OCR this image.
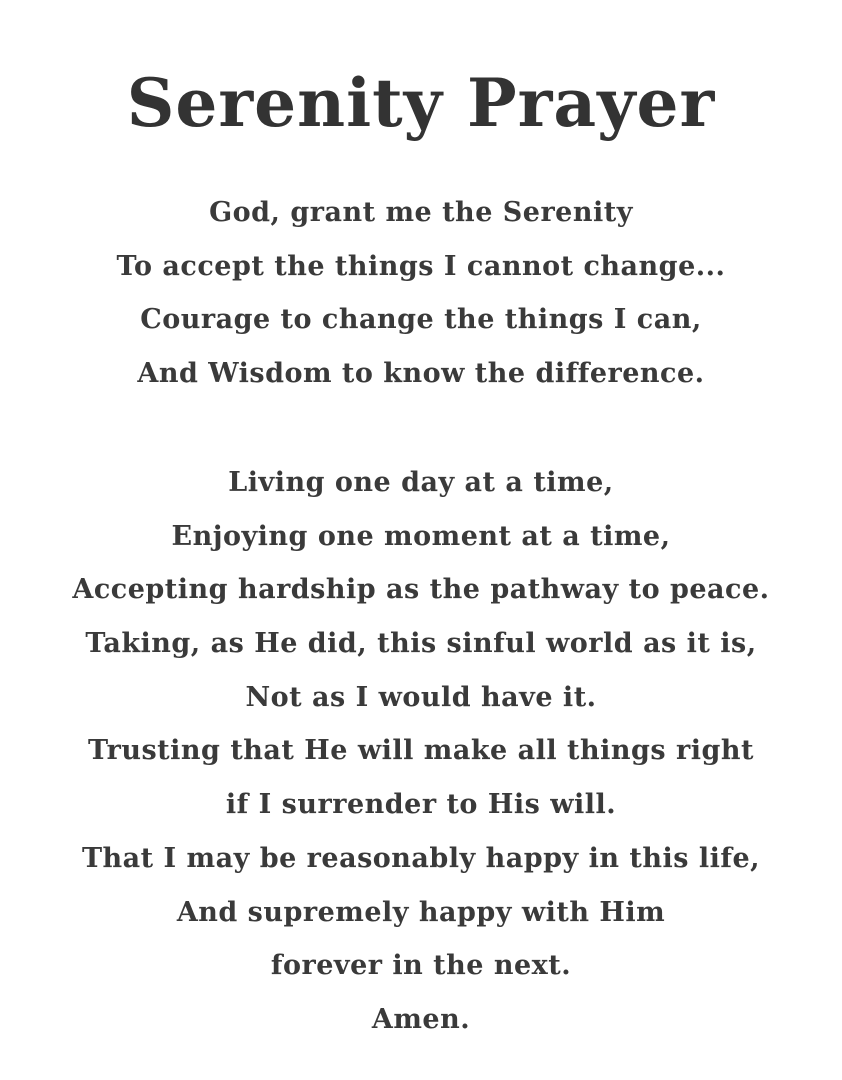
Serenity Prayer
God, grant me the Serenity
To accept the things I cannot change...
Courage to change the things I can,
And Wisdom to know the difference.
Living one day at a time,
Enjoying one moment at a time,
Accepting hardship as the pathway to peace.
Taking, as He did, this sinful world as it is,
Not as I would have it.
Trusting that He will make all things right
if I surrender to His will.
That I may be reasonably happy in this life,
And supremely happy with Him
forever in the next.
Amen.
